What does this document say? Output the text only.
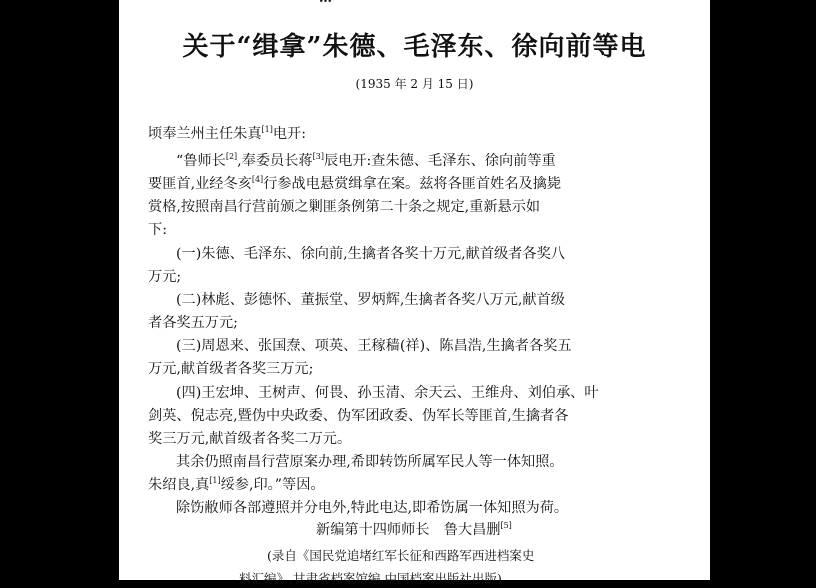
关于“缉拿”朱德、毛泽东、徐向前等电
(1935 年 2 月 15 日)
顷奉兰州主任朱真[1]电开:
“鲁师长[2],奉委员长蒋[3]辰电开:查朱德、毛泽东、徐向前等重
要匪首,业经冬亥[4]行参战电悬赏缉拿在案。兹将各匪首姓名及擒毙
赏格,按照南昌行营前颁之剿匪条例第二十条之规定,重新悬示如
下:
(一)朱德、毛泽东、徐向前,生擒者各奖十万元,献首级者各奖八
万元;
(二)林彪、彭德怀、董振堂、罗炳辉,生擒者各奖八万元,献首级
者各奖五万元;
(三)周恩来、张国焘、项英、王稼穑(祥)、陈昌浩,生擒者各奖五
万元,献首级者各奖三万元;
(四)王宏坤、王树声、何畏、孙玉清、余天云、王维舟、刘伯承、叶
剑英、倪志亮,暨伪中央政委、伪军团政委、伪军长等匪首,生擒者各
奖三万元,献首级者各奖二万元。
其余仍照南昌行营原案办理,希即转饬所属军民人等一体知照。
朱绍良,真[1]绥参,印。”等因。
除饬敝师各部遵照并分电外,特此电达,即希饬属一体知照为荷。
新编第十四师师长　鲁大昌删[5]
(录自《国民党追堵红军长征和西路军西进档案史
料汇编》,甘肃省档案馆编,中国档案出版社出版)
